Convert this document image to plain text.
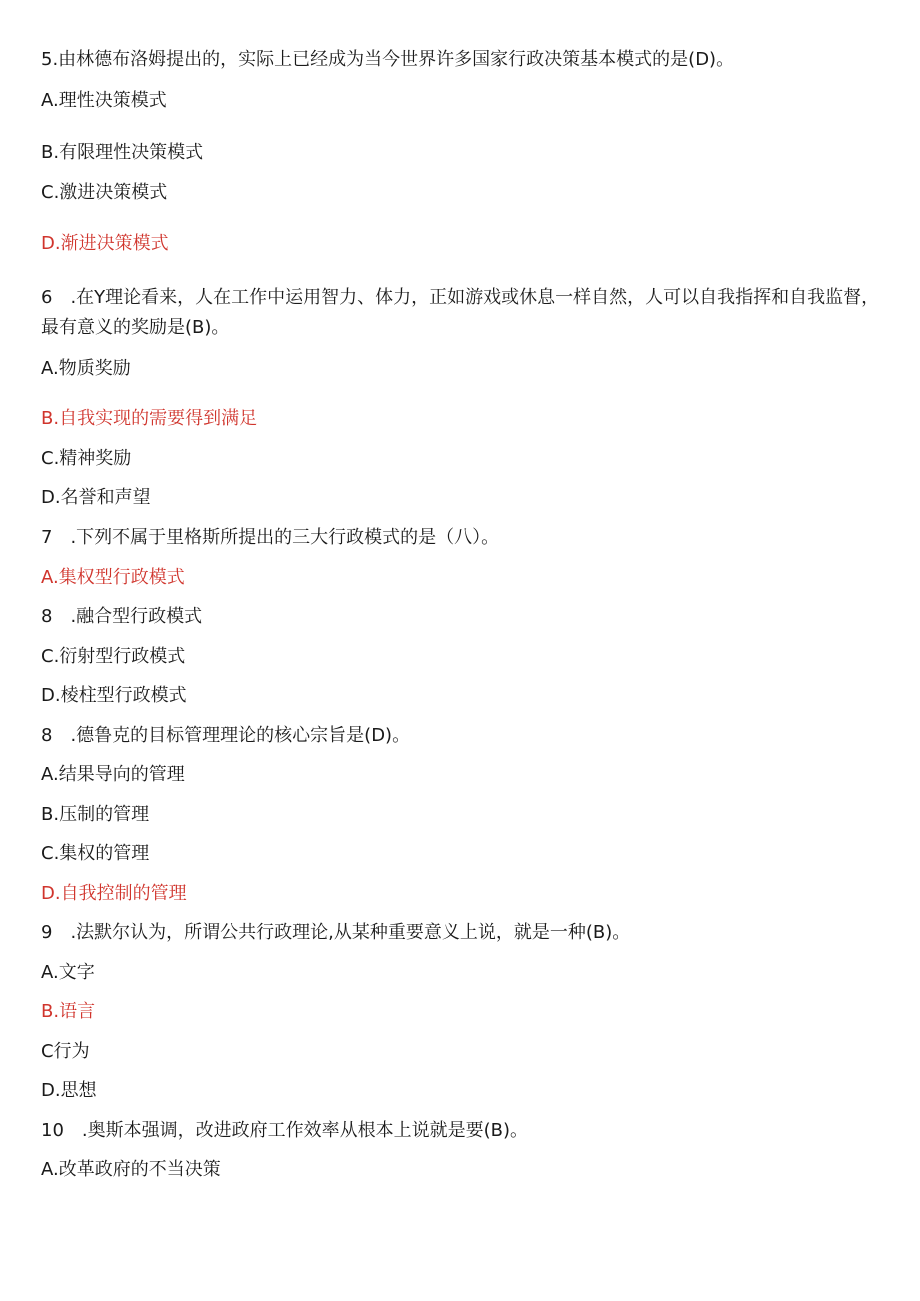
5.由林德布洛姆提出的，实际上已经成为当今世界许多国家行政决策基本模式的是(D)。
A.理性决策模式
B.有限理性决策模式
C.激进决策模式
D.渐进决策模式
6　.在Y理论看来，人在工作中运用智力、体力，正如游戏或休息一样自然，人可以自我指挥和自我监督，最有意义的奖励是(B)。
A.物质奖励
B.自我实现的需要得到满足
C.精神奖励
D.名誉和声望
7　.下列不属于里格斯所提出的三大行政模式的是（八）。
A.集权型行政模式
8　.融合型行政模式
C.衍射型行政模式
D.棱柱型行政模式
8　.德鲁克的目标管理理论的核心宗旨是(D)。
A.结果导向的管理
B.压制的管理
C.集权的管理
D.自我控制的管理
9　.法默尔认为，所谓公共行政理论,从某种重要意义上说，就是一种(B)。
A.文字
B.语言
C行为
D.思想
10　.奥斯本强调，改进政府工作效率从根本上说就是要(B)。
A.改革政府的不当决策
